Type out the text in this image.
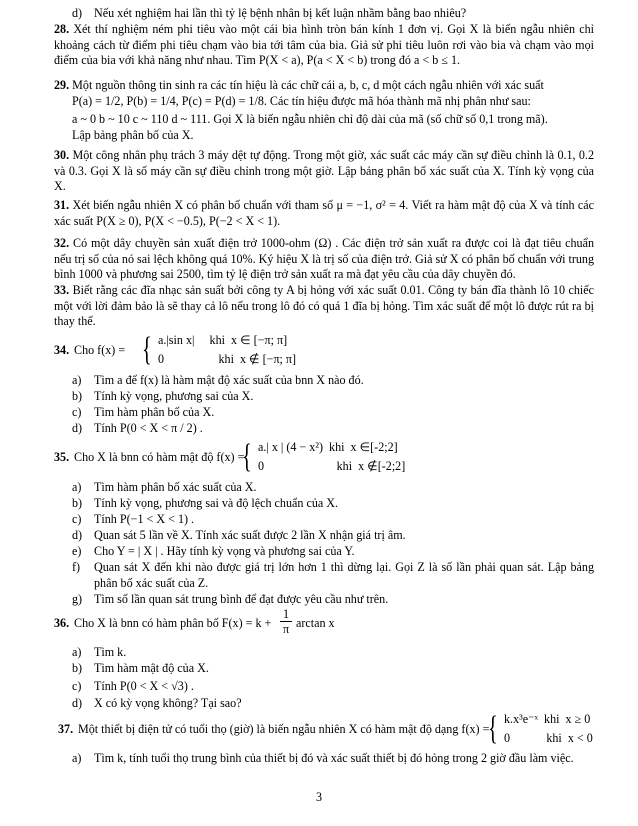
d) Nếu xét nghiệm hai lần thì tỷ lệ bệnh nhân bị kết luận nhầm bằng bao nhiêu?
28. Xét thí nghiệm ném phi tiêu vào một cái bia hình tròn bán kính 1 đơn vị. Gọi X là biến ngẫu nhiên chỉ khoảng cách từ điểm phi tiêu chạm vào bia tới tâm của bia. Giả sử phi tiêu luôn rơi vào bia và chạm vào mọi điểm của bia với khả năng như nhau. Tìm P(X < a), P(a < X < b) trong đó a < b ≤ 1.
29. Một nguồn thông tin sinh ra các tín hiệu là các chữ cái a, b, c, d một cách ngẫu nhiên với xác suất
P(a) = 1/2, P(b) = 1/4, P(c) = P(d) = 1/8. Các tín hiệu được mã hóa thành mã nhị phân như sau:
a ~ 0 b ~ 10 c ~ 110 d ~ 111. Gọi X là biến ngẫu nhiên chỉ độ dài của mã (số chữ số 0,1 trong mã).
Lập bảng phân bố của X.
30. Một công nhân phụ trách 3 máy dệt tự động. Trong một giờ, xác suất các máy cần sự điều chỉnh là 0.1, 0.2 và 0.3. Gọi X là số máy cần sự điều chỉnh trong một giờ. Lập bảng phân bố xác suất của X. Tính kỳ vọng của X.
31. Xét biến ngẫu nhiên X có phân bố chuẩn với tham số μ = −1, σ² = 4. Viết ra hàm mật độ của X và tính các xác suất P(X ≥ 0), P(X < −0.5), P(−2 < X < 1).
32. Có một dây chuyền sản xuất điện trở 1000-ohm (Ω) . Các điện trở sản xuất ra được coi là đạt tiêu chuẩn nếu trị số của nó sai lệch không quá 10%. Ký hiệu X là trị số của điện trở. Giả sử X có phân bố chuẩn với trung bình 1000 và phương sai 2500, tìm tỷ lệ điện trở sản xuất ra mà đạt yêu cầu của dây chuyền đó.
33. Biết rằng các đĩa nhạc sản suất bởi công ty A bị hỏng với xác suất 0.01. Công ty bán đĩa thành lô 10 chiếc một với lời đảm bảo là sẽ thay cả lô nếu trong lô đó có quá 1 đĩa bị hỏng. Tìm xác suất để một lô được rút ra bị thay thế.
34. Cho f(x) = { a.|sin x|     khi  x ∈ [−π; π]
0                  khi  x ∉ [−π; π]
a)	Tìm a để f(x) là hàm mật độ xác suất của bnn X nào đó.
b) Tính kỳ vọng, phương sai của X.
c)	Tìm hàm phân bố của X.
d) Tính P(0 < X < π / 2) .
35. Cho X là bnn có hàm mật độ f(x) =
{ a.| x | (4 − x²)  khi  x ∈[-2;2]
0                        khi  x ∉[-2;2]
a)	Tìm hàm phân bố xác suất của X.
b) Tính kỳ vọng, phương sai và độ lệch chuẩn của X.
c)	Tính P(−1 < X < 1) .
d) Quan sát 5 lần về X. Tính xác suất được 2 lần X nhận giá trị âm.
e)	Cho Y = | X | . Hãy tính kỳ vọng và phương sai của Y.
f)	Quan sát X đến khi nào được giá trị lớn hơn 1 thì dừng lại. Gọi Z là số lần phải quan sát. Lập bảng phân bố xác suất của Z.
g) Tìm số lần quan sát trung bình để đạt được yêu cầu như trên.
36. Cho X là bnn có hàm phân bố F(x) = k +
1
π arctan x
a)	Tìm k.
b) Tìm hàm mật độ của X.
c)	Tính P(0 < X < √3) .
d) X có kỳ vọng không? Tại sao?
37. Một thiết bị điện tử có tuổi thọ (giờ) là biến ngẫu nhiên X có hàm mật độ dạng f(x) =
{ k.x³e⁻ˣ  khi  x ≥ 0
0            khi  x < 0
a)	Tìm k, tính tuổi thọ trung bình của thiết bị đó và xác suất thiết bị đó hỏng trong 2 giờ đầu làm việc.
3
